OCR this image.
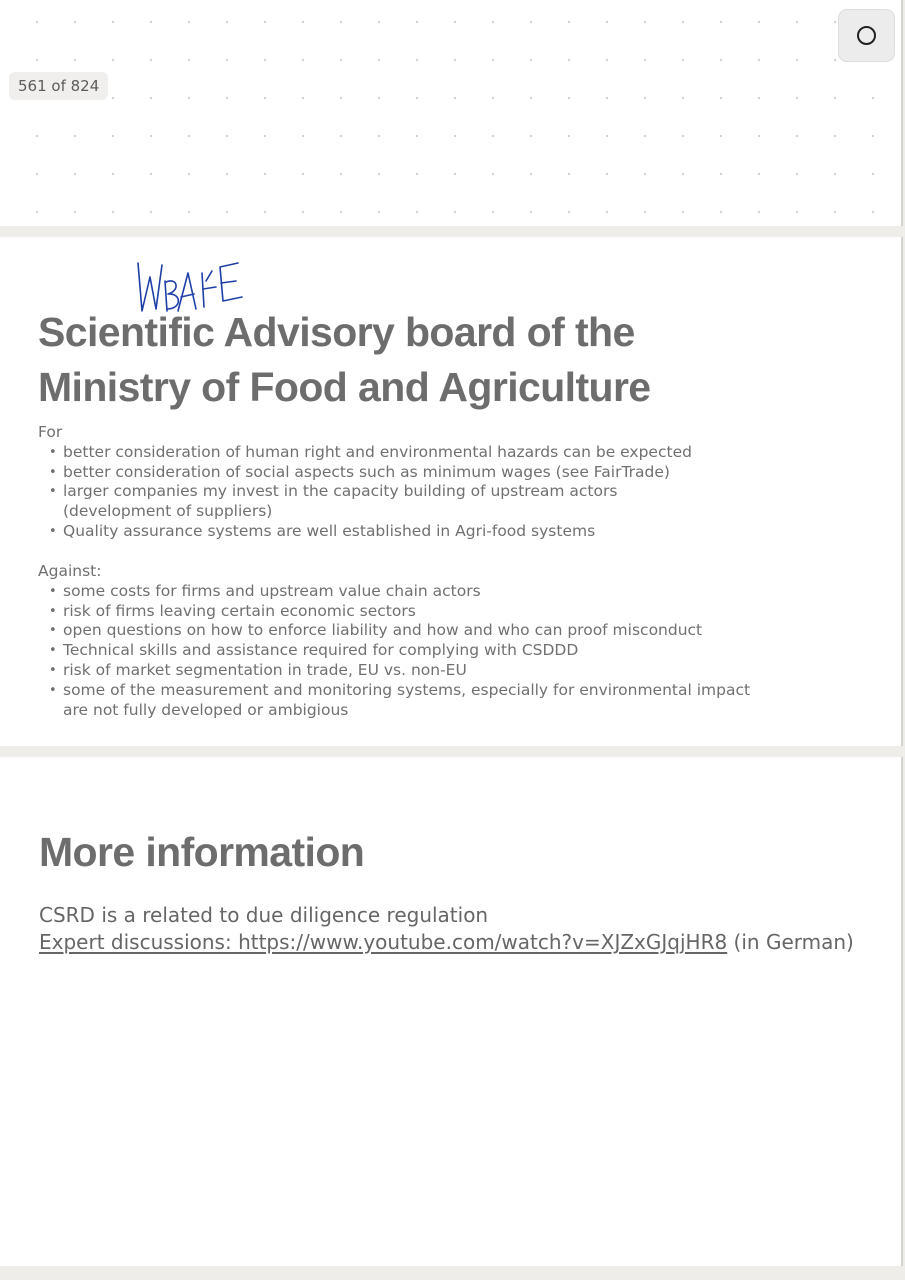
561 of 824
Scientific Advisory board of the
Ministry of Food and Agriculture
For
• better consideration of human right and environmental hazards can be expected
• better consideration of social aspects such as minimum wages (see FairTrade)
• larger companies my invest in the capacity building of upstream actors (development of suppliers)
• Quality assurance systems are well established in Agri-food systems
Against:
• some costs for firms and upstream value chain actors
• risk of firms leaving certain economic sectors
• open questions on how to enforce liability and how and who can proof misconduct
• Technical skills and assistance required for complying with CSDDD
• risk of market segmentation in trade, EU vs. non-EU
• some of the measurement and monitoring systems, especially for environmental impact are not fully developed or ambigious
More information

CSRD is a related to due diligence regulation

Expert discussions: https://www.youtube.com/watch?v=XJZxGJqjHR8 (in German)
